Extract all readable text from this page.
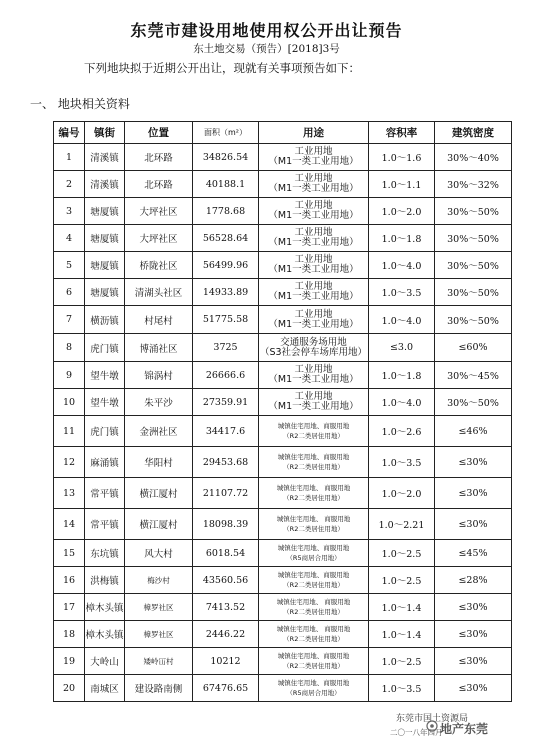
东莞市建设用地使用权公开出让预告
东土地交易（预告）[2018]3号
下列地块拟于近期公开出让，现就有关事项预告如下：
一、 地块相关资料
编号	镇街	位置	面积（m²）	用途	容积率	建筑密度
1	清溪镇	北环路	34826.54	工业用地
（M1一类工业用地）	1.0～1.6	30%～40%
2	清溪镇	北环路	40188.1	工业用地
（M1一类工业用地）	1.0～1.1	30%～32%
3	塘厦镇	大坪社区	1778.68	工业用地
（M1一类工业用地）	1.0～2.0	30%～50%
4	塘厦镇	大坪社区	56528.64	工业用地
（M1一类工业用地）	1.0～1.8	30%～50%
5	塘厦镇	桥陇社区	56499.96	工业用地
（M1一类工业用地）	1.0～4.0	30%～50%
6	塘厦镇	清湖头社区	14933.89	工业用地
（M1一类工业用地）	1.0～3.5	30%～50%
7	横沥镇	村尾村	51775.58	工业用地
（M1一类工业用地）	1.0～4.0	30%～50%
8	虎门镇	博涌社区	3725	交通服务场用地
（S3社会停车场库用地）	≤3.0	≤60%
9	望牛墩	锦涡村	26666.6	工业用地
（M1一类工业用地）	1.0～1.8	30%～45%
10	望牛墩	朱平沙	27359.91	工业用地
（M1一类工业用地）	1.0～4.0	30%～50%
11	虎门镇	金洲社区	34417.6	城镇住宅用地、商服用地
（R2二类居住用地）	1.0～2.6	≤46%
12	麻涌镇	华阳村	29453.68	城镇住宅用地、商服用地
（R2二类居住用地）	1.0～3.5	≤30%
13	常平镇	横江厦村	21107.72	城镇住宅用地、 商服用地
（R2二类居住用地）	1.0～2.0	≤30%
14	常平镇	横江厦村	18098.39	城镇住宅用地、 商服用地
（R2二类居住用地）	1.0～2.21	≤30%
15	东坑镇	风大村	6018.54	城镇住宅用地、商服用地
（R5商居合用地）	1.0～2.5	≤45%
16	洪梅镇	梅沙村	43560.56	城镇住宅用地、商服用地
（R2二类居住用地）	1.0～2.5	≤28%
17	樟木头镇	樟罗社区	7413.52	城镇住宅用地、 商服用地
（R2二类居住用地）	1.0～1.4	≤30%
18	樟木头镇	樟罗社区	2446.22	城镇住宅用地、 商服用地
（R2二类居住用地）	1.0～1.4	≤30%
19	大岭山	矮岭冚村	10212	城镇住宅用地、商服用地
（R2二类居住用地）	1.0～2.5	≤30%
20	南城区	建设路南侧	67476.65	城镇住宅用地、商服用地
（R5商居合用地）	1.0～3.5	≤30%
东莞市国土资源局
二〇一八年四月
地产东莞
